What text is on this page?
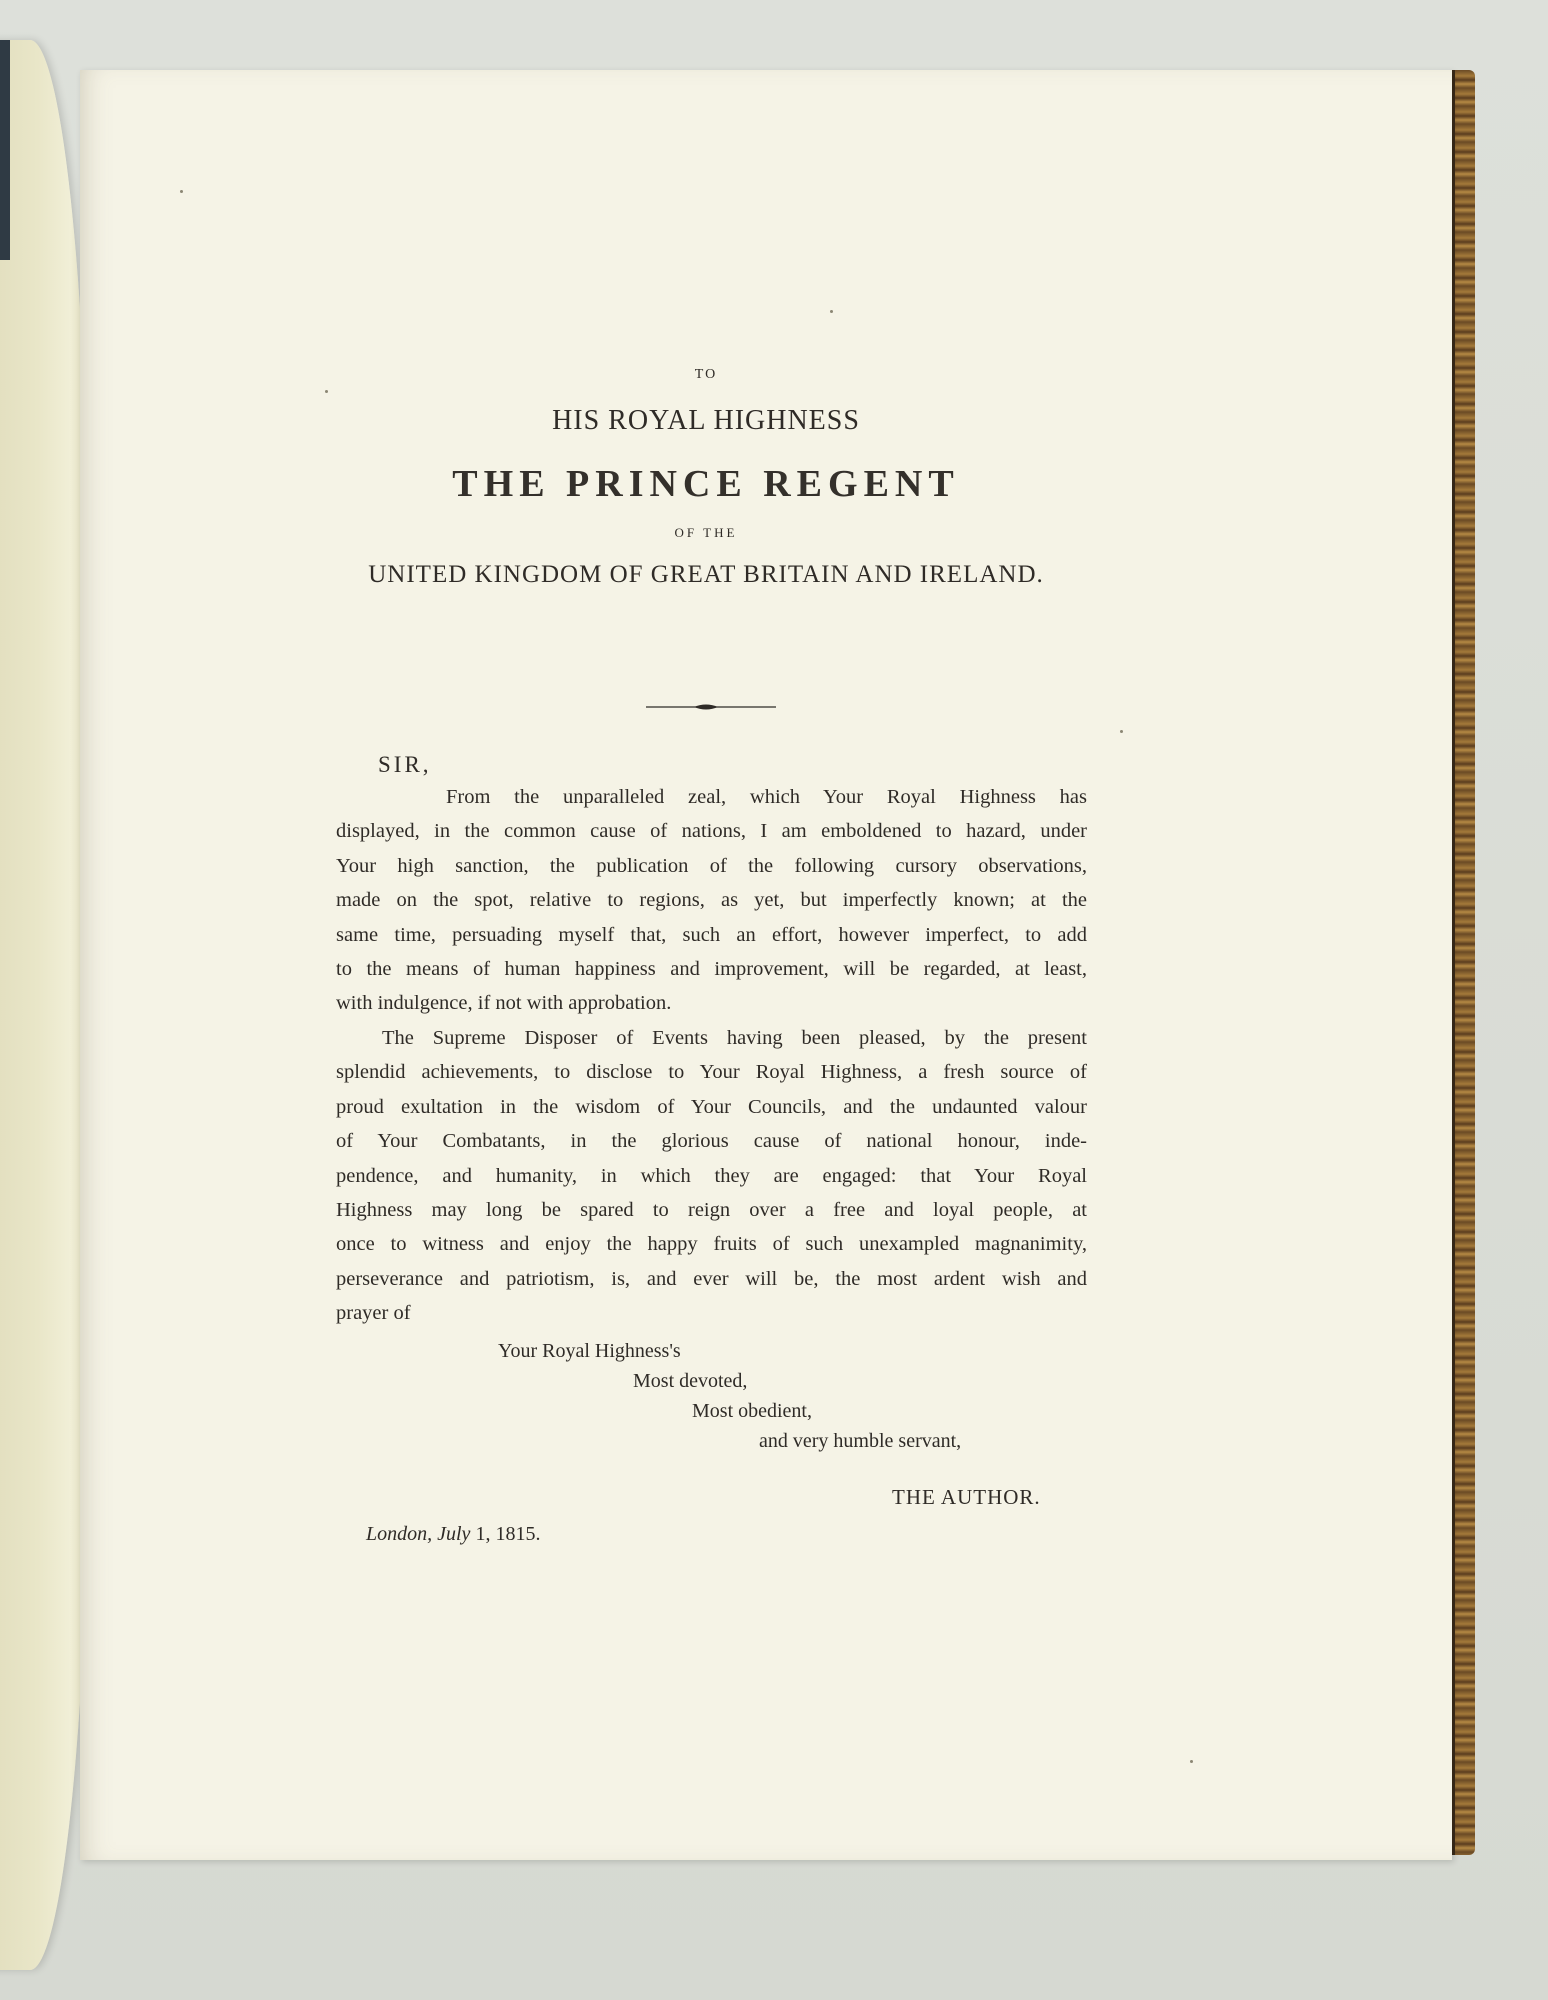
TO
HIS ROYAL HIGHNESS
THE PRINCE REGENT
OF THE
UNITED KINGDOM OF GREAT BRITAIN AND IRELAND.
SIR,
From the unparalleled zeal, which Your Royal Highness has
displayed, in the common cause of nations, I am emboldened to hazard, under
Your high sanction, the publication of the following cursory observations,
made on the spot, relative to regions, as yet, but imperfectly known; at the
same time, persuading myself that, such an effort, however imperfect, to add
to the means of human happiness and improvement, will be regarded, at least,
with indulgence, if not with approbation.
The Supreme Disposer of Events having been pleased, by the present
splendid achievements, to disclose to Your Royal Highness, a fresh source of
proud exultation in the wisdom of Your Councils, and the undaunted valour
of Your Combatants, in the glorious cause of national honour, inde-
pendence, and humanity, in which they are engaged: that Your Royal
Highness may long be spared to reign over a free and loyal people, at
once to witness and enjoy the happy fruits of such unexampled magnanimity,
perseverance and patriotism, is, and ever will be, the most ardent wish and
prayer of
Your Royal Highness's
Most devoted,
Most obedient,
and very humble servant,
THE AUTHOR.
London, July 1, 1815.
